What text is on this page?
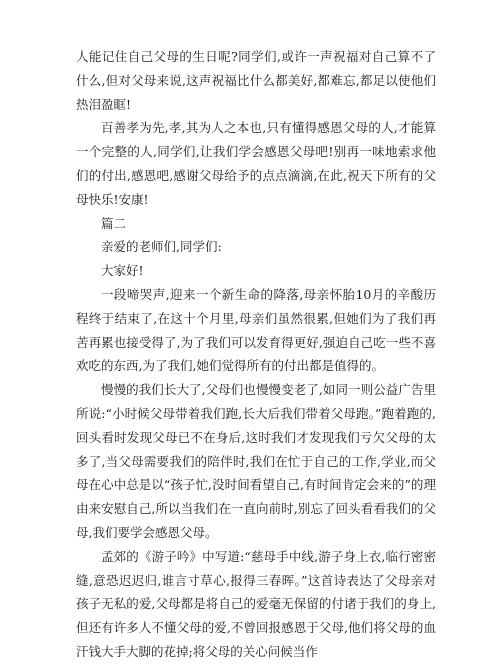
人能记住自己父母的生日呢?同学们,或许一声祝福对自己算不了什么,但对父母来说,这声祝福比什么都美好,都难忘,都足以使他们热泪盈眶!

百善孝为先,孝,其为人之本也,只有懂得感恩父母的人,才能算一个完整的人,同学们,让我们学会感恩父母吧!别再一味地索求他们的付出,感恩吧,感谢父母给予的点点滴滴,在此,祝天下所有的父母快乐!安康!

篇二

亲爱的老师们,同学们:

大家好!

一段啼哭声,迎来一个新生命的降落,母亲怀胎10月的辛酸历程终于结束了,在这十个月里,母亲们虽然很累,但她们为了我们再苦再累也接受得了,为了我们可以发育得更好,强迫自己吃一些不喜欢吃的东西,为了我们,她们觉得所有的付出都是值得的。

慢慢的我们长大了,父母们也慢慢变老了,如同一则公益广告里所说:“小时候父母带着我们跑,长大后我们带着父母跑。”跑着跑的,回头看时发现父母已不在身后,这时我们才发现我们亏欠父母的太多了,当父母需要我们的陪伴时,我们在忙于自己的工作,学业,而父母在心中总是以“孩子忙,没时间看望自己,有时间肯定会来的”的理由来安慰自己,所以当我们在一直向前时,别忘了回头看看我们的父母,我们要学会感恩父母。

孟郊的《游子吟》中写道:“慈母手中线,游子身上衣,临行密密缝,意恐迟迟归,谁言寸草心,报得三春晖。”这首诗表达了父母亲对孩子无私的爱,父母都是将自己的爱毫无保留的付诸于我们的身上,但还有许多人不懂父母的爱,不曾回报感恩于父母,他们将父母的血汗钱大手大脚的花掉;将父母的关心问候当作
